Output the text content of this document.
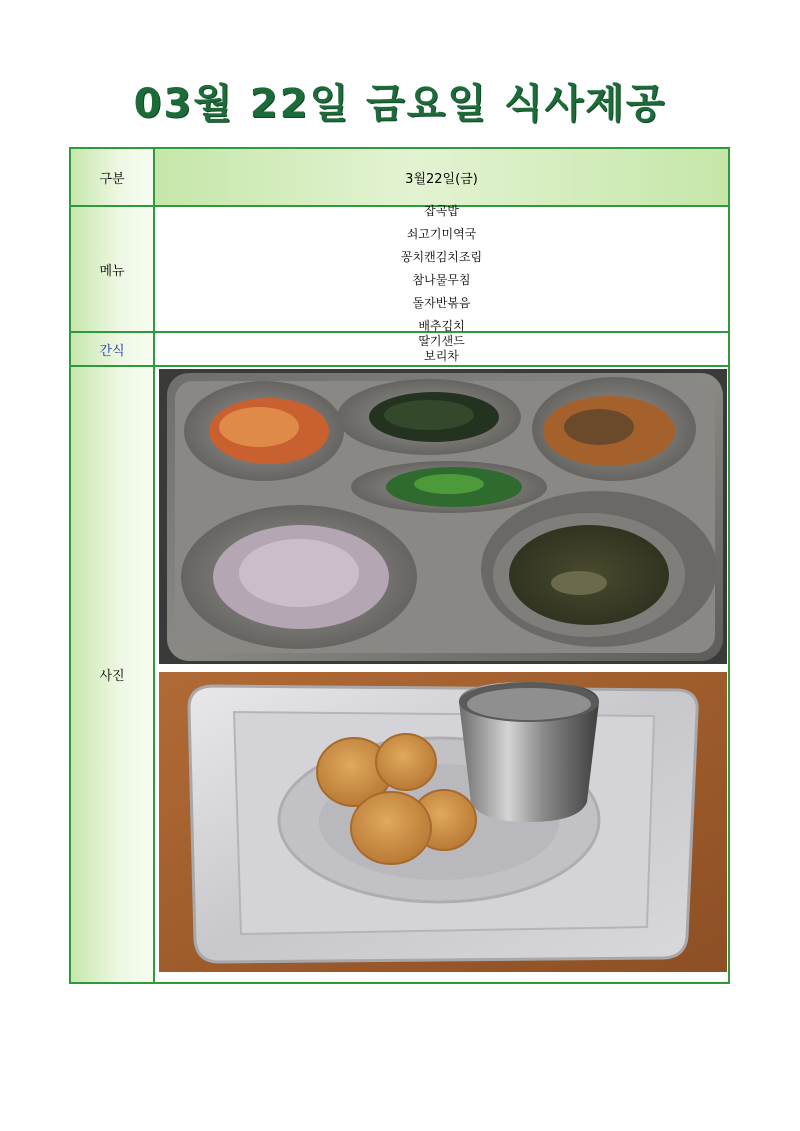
03월 22일 금요일 식사제공
구분	3월22일(금)
메뉴
잡곡밥
쇠고기미역국
꽁치캔김치조림
참나물무침
돌자반볶음
배추김치
간식
딸기샌드
보리차
사진
